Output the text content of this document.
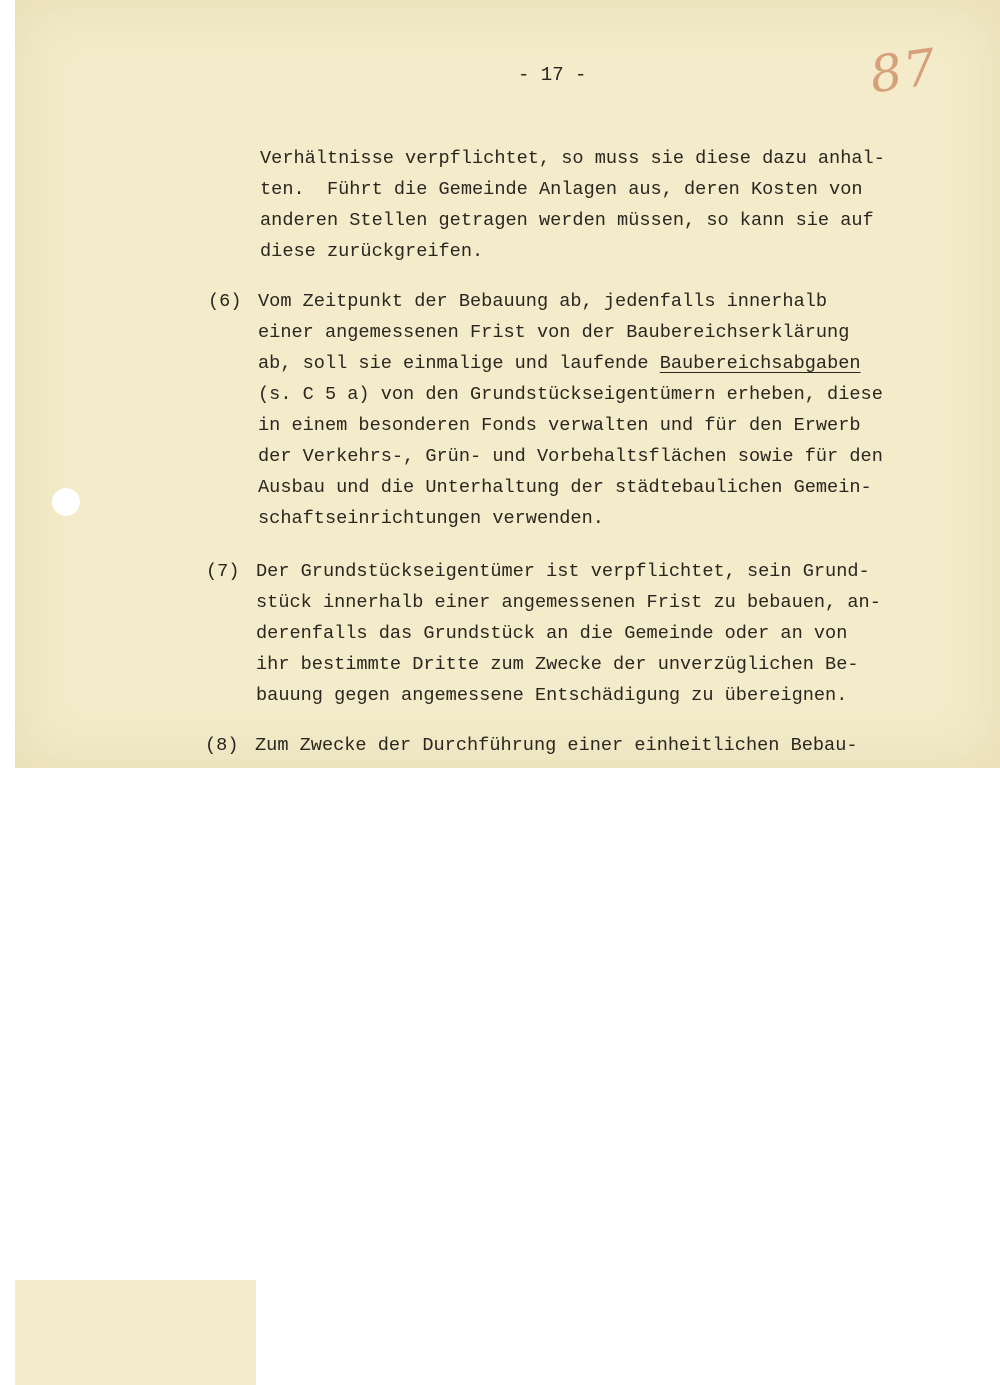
87
- 17 -
Verhältnisse verpflichtet, so muss sie diese dazu anhal-
ten.  Führt die Gemeinde Anlagen aus, deren Kosten von
anderen Stellen getragen werden müssen, so kann sie auf
diese zurückgreifen.
(6) Vom Zeitpunkt der Bebauung ab, jedenfalls innerhalb
einer angemessenen Frist von der Baubereichserklärung
ab, soll sie einmalige und laufende Baubereichsabgaben
(s. C 5 a) von den Grundstückseigentümern erheben, diese
in einem besonderen Fonds verwalten und für den Erwerb
der Verkehrs-, Grün- und Vorbehaltsflächen sowie für den
Ausbau und die Unterhaltung der städtebaulichen Gemein-
schaftseinrichtungen verwenden.
(7) Der Grundstückseigentümer ist verpflichtet, sein Grund-
stück innerhalb einer angemessenen Frist zu bebauen, an-
derenfalls das Grundstück an die Gemeinde oder an von
ihr bestimmte Dritte zum Zwecke der unverzüglichen Be-
bauung gegen angemessene Entschädigung zu übereignen.
(8) Zum Zwecke der Durchführung einer einheitlichen Bebau-
